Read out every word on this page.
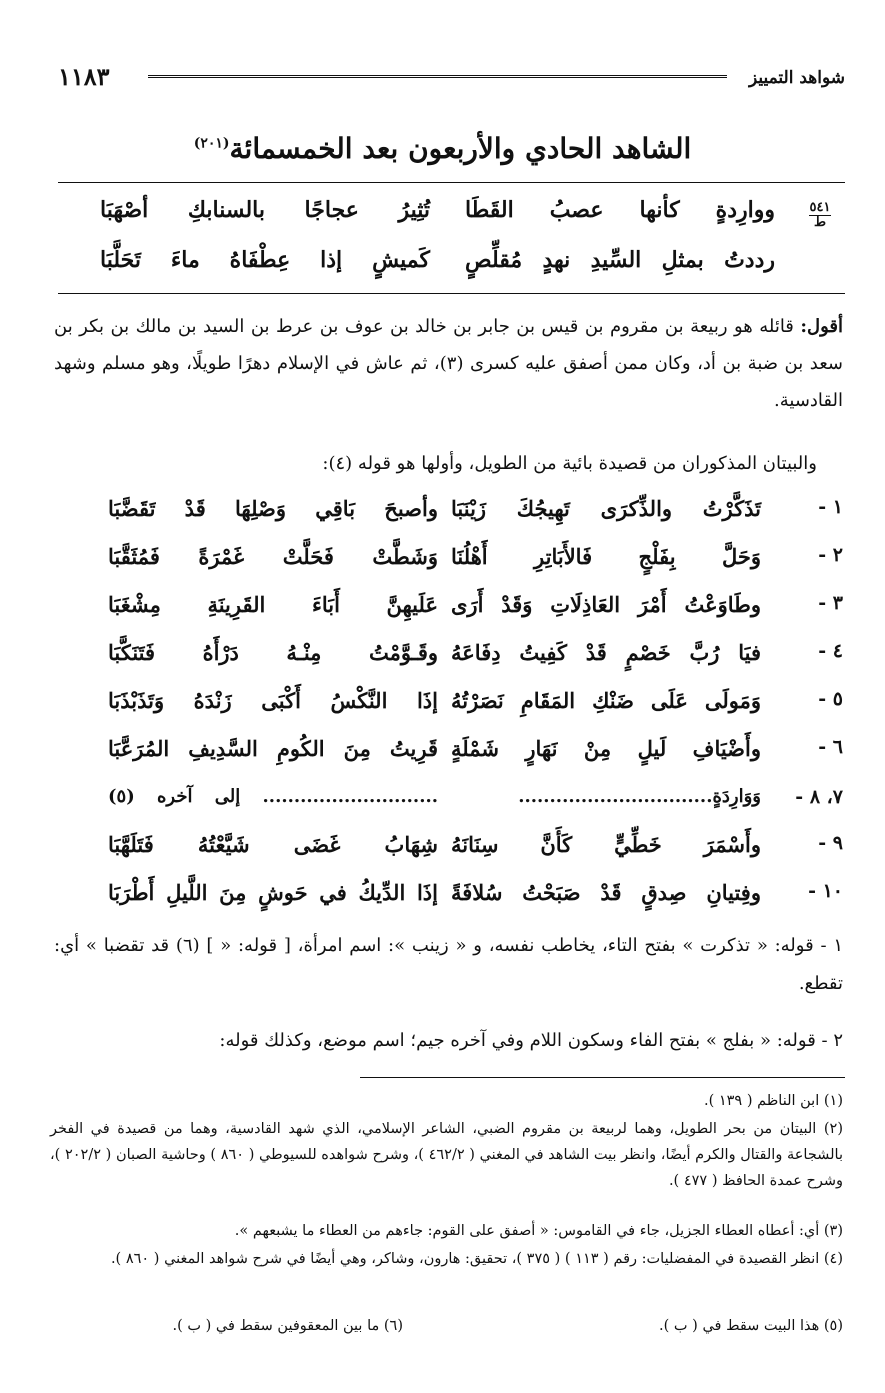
شواهد التمييز
١١٨٣
الشاهد الحادي والأربعون بعد الخمسمائة$^{(٢٠١)}$
٥٤١
ط
ووارِدةٍ كأنها عصبُ القَطَا
تُثِيرُ عجاجًا بالسنابكِ أصْهَبَا
رددتُ بمثلِ السِّيدِ نهدٍ مُقلِّصٍ
كَميشٍ إذا عِطْفَاهُ ماءَ تَحَلَّبَا
أقول: قائله هو ربيعة بن مقروم بن قيس بن جابر بن خالد بن عوف بن عرط بن السيد بن مالك بن بكر بن سعد بن ضبة بن أد، وكان ممن أصفق عليه كسرى (٣)، ثم عاش في الإسلام دهرًا طويلًا، وهو مسلم وشهد القادسية.
والبيتان المذكوران من قصيدة بائية من الطويل، وأولها هو قوله (٤):
١ -
تَذَكَّرْتُ والذِّكرَى تَهِيجُكَ زَيْنَبَا
وأصبحَ بَاقِي وَصْلِهَا قَدْ تَقَضَّبَا
٢ -
وَحَلَّ بِفَلْجٍ فَالأَبَاتِرِ أَهْلُنَا
وَشَطَّتْ فَحَلَّتْ غَمْرَةً فَمُثَقَّبَا
٣ -
وطَاوَعْتُ أَمْرَ العَاذِلَاتِ وَقَدْ أَرَى
عَلَيهِنَّ أَبَاءَ القَرِينَةِ مِشْغَبَا
٤ -
فيَا رُبَّ خَصْمٍ قَدْ كَفِيتُ دِفَاعَهُ
وقَـوَّمْتُ مِنْـهُ دَرْأَهُ فَتَنَكَّبَا
٥ -
وَمَولَى عَلَى ضَنْكِ المَقَامِ نَصَرْتُهُ
إذَا النَّكْسُ أَكْبَى زَنْدَهُ وَتَذَبْذَبَا
٦ -
وأَضْيَافِ لَيلٍ مِنْ نَهَارٍ شَمْلَةٍ
قَرِيتُ مِنَ الكُومِ السَّدِيفِ المُرَعَّبَا
٧، ٨ -
وَوَارِدَةٍ...............................
............................ إلى آخره (٥)
٩ -
وأَسْمَرَ خَطِّيٍّ كَأَنَّ سِنَانَهُ
شِهَابُ غَضَى شَيَّعْتُهُ فَتَلَهَّبَا
١٠ -
وفِتيانِ صِدقٍ قَدْ صَبَحْتُ سُلافَةً
إذَا الدِّيكُ في حَوشٍ مِنَ اللَّيلِ أَطْرَبَا
١ - قوله: « تذكرت » بفتح التاء، يخاطب نفسه، و « زينب »: اسم امرأة، [ قوله: « ] (٦) قد تقضبا » أي: تقطع.
٢ - قوله: « بفلج » بفتح الفاء وسكون اللام وفي آخره جيم؛ اسم موضع، وكذلك قوله:
(١) ابن الناظم ( ١٣٩ ).
(٢) البيتان من بحر الطويل، وهما لربيعة بن مقروم الضبي، الشاعر الإسلامي، الذي شهد القادسية، وهما من قصيدة في الفخر بالشجاعة والقتال والكرم أيضًا، وانظر بيت الشاهد في المغني ( ٤٦٢/٢ )، وشرح شواهده للسيوطي ( ٨٦٠ ) وحاشية الصبان ( ٢٠٢/٢ )، وشرح عمدة الحافظ ( ٤٧٧ ).
(٣) أي: أعطاه العطاء الجزيل، جاء في القاموس: « أصفق على القوم: جاءهم من العطاء ما يشبعهم ».
(٤) انظر القصيدة في المفضليات: رقم ( ١١٣ ) ( ٣٧٥ )، تحقيق: هارون، وشاكر، وهي أيضًا في شرح شواهد المغني ( ٨٦٠ ).
(٥) هذا البيت سقط في ( ب ).
(٦) ما بين المعقوفين سقط في ( ب ).
